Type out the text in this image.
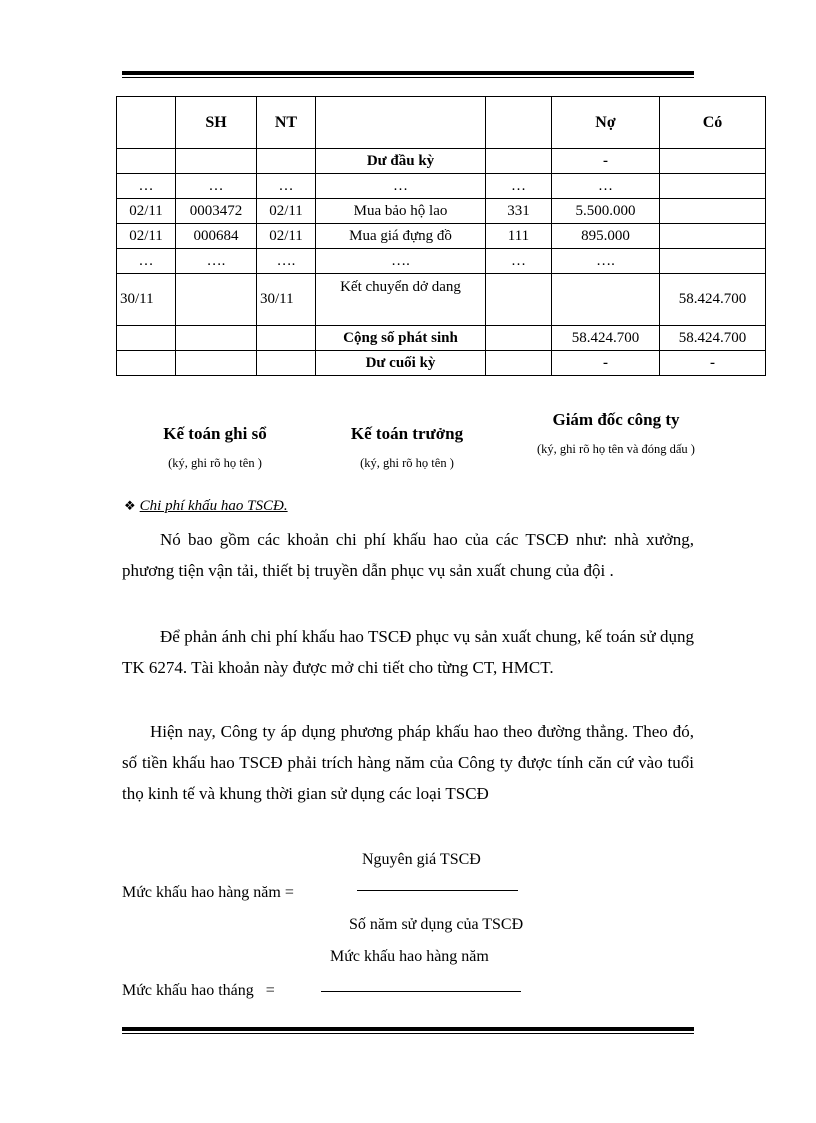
	SH	NT			Nợ	Có
			Dư đầu kỳ		-	
…	…	…	…	…	…	
02/11	0003472	02/11	Mua bảo hộ lao	331	5.500.000	
02/11	000684	02/11	Mua giá đựng đồ	111	895.000	
…	….	….	….	…	….	
30/11		30/11	Kết chuyển dở dang			58.424.700
			Cộng số phát sinh		58.424.700	58.424.700
			Dư cuối kỳ		-	-
Kế toán ghi sổ
(ký, ghi rõ họ tên )
Kế toán trưởng
(ký, ghi rõ họ tên )
Giám đốc công ty
(ký, ghi rõ họ tên và đóng dấu )
❖ Chi phí khấu hao TSCĐ.
Nó bao gồm các khoản chi phí khấu hao của các TSCĐ như: nhà xưởng, phương tiện vận tải, thiết bị truyền dẫn phục vụ sản xuất chung của đội .
Để phản ánh chi phí khấu hao TSCĐ phục vụ sản xuất chung, kế toán sử dụng TK 6274. Tài khoản này được mở chi tiết cho từng CT, HMCT.
Hiện nay, Công ty áp dụng phương pháp khấu hao theo đường thẳng. Theo đó, số tiền khấu hao TSCĐ phải trích hàng năm của Công ty được tính căn cứ vào tuổi thọ kinh tế và khung thời gian sử dụng các loại TSCĐ
Nguyên giá TSCĐ
Mức khấu hao hàng năm =
Số năm sử dụng của TSCĐ
Mức khấu hao hàng năm
Mức khấu hao tháng   =
